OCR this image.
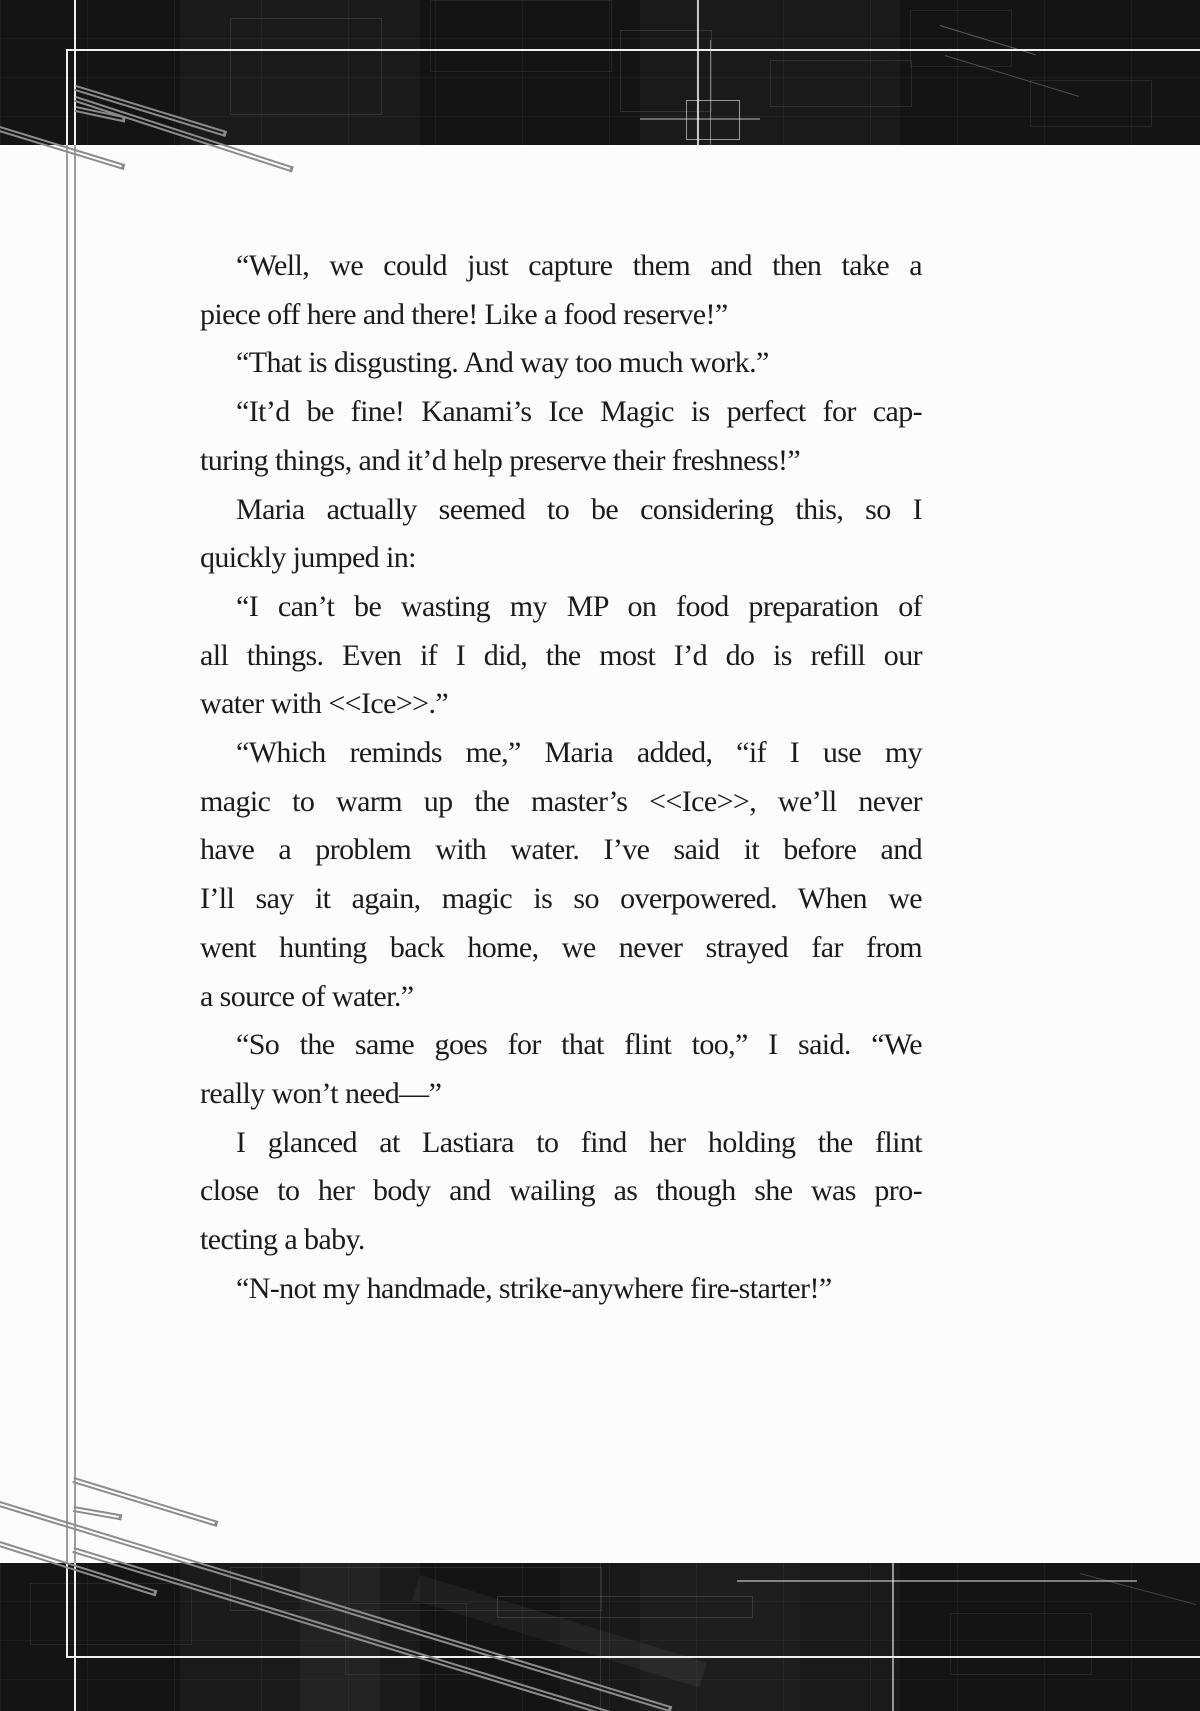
“Well, we could just capture them and then take a
piece off here and there! Like a food reserve!”
“That is disgusting. And way too much work.”
“It’d be fine! Kanami’s Ice Magic is perfect for cap-
turing things, and it’d help preserve their freshness!”
Maria actually seemed to be considering this, so I
quickly jumped in:
“I can’t be wasting my MP on food preparation of
all things. Even if I did, the most I’d do is refill our
water with <<Ice>>.”
“Which reminds me,” Maria added, “if I use my
magic to warm up the master’s <<Ice>>, we’ll never
have a problem with water. I’ve said it before and
I’ll say it again, magic is so overpowered. When we
went hunting back home, we never strayed far from
a source of water.”
“So the same goes for that flint too,” I said. “We
really won’t need—”
I glanced at Lastiara to find her holding the flint
close to her body and wailing as though she was pro-
tecting a baby.
“N-not my handmade, strike-anywhere fire-starter!”
